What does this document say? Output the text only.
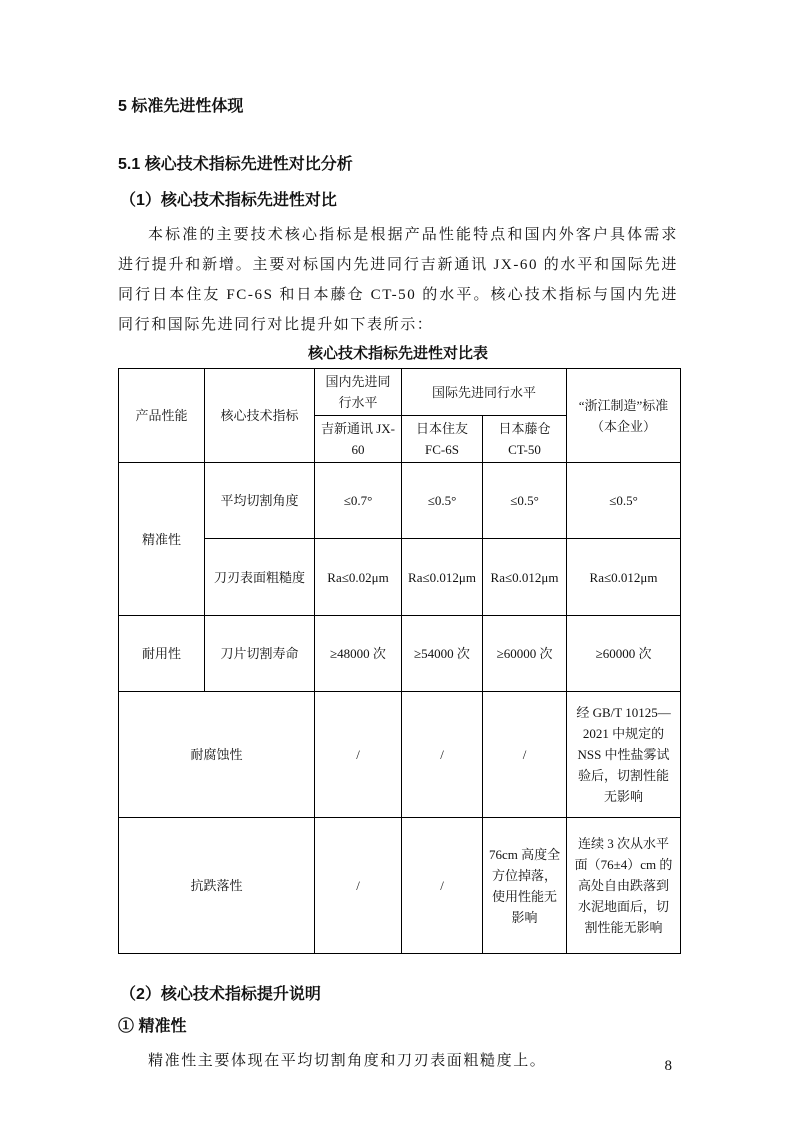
5 标准先进性体现

5.1 核心技术指标先进性对比分析

（1）核心技术指标先进性对比

本标准的主要技术核心指标是根据产品性能特点和国内外客户具体需求进行提升和新增。主要对标国内先进同行吉新通讯 JX-60 的水平和国际先进同行日本住友 FC-6S 和日本藤仓 CT-50 的水平。核心技术指标与国内先进同行和国际先进同行对比提升如下表所示：

核心技术指标先进性对比表

产品性能	核心技术指标	国内先进同行水平	国际先进同行水平		“浙江制造”标准（本企业）
		吉新通讯 JX-60	日本住友 FC-6S	日本藤仓 CT-50	
精准性	平均切割角度	≤0.7°	≤0.5°	≤0.5°	≤0.5°
	刀刃表面粗糙度	Ra≤0.02μm	Ra≤0.012μm	Ra≤0.012μm	Ra≤0.012μm
耐用性	刀片切割寿命	≥48000 次	≥54000 次	≥60000 次	≥60000 次
耐腐蚀性		/	/	/	经 GB/T 10125—2021 中规定的 NSS 中性盐雾试验后，切割性能无影响
抗跌落性		/	/	76cm 高度全方位掉落，使用性能无影响	连续 3 次从水平面（76±4）cm 的高处自由跌落到水泥地面后，切割性能无影响

（2）核心技术指标提升说明

① 精准性

精准性主要体现在平均切割角度和刀刃表面粗糙度上。	8
